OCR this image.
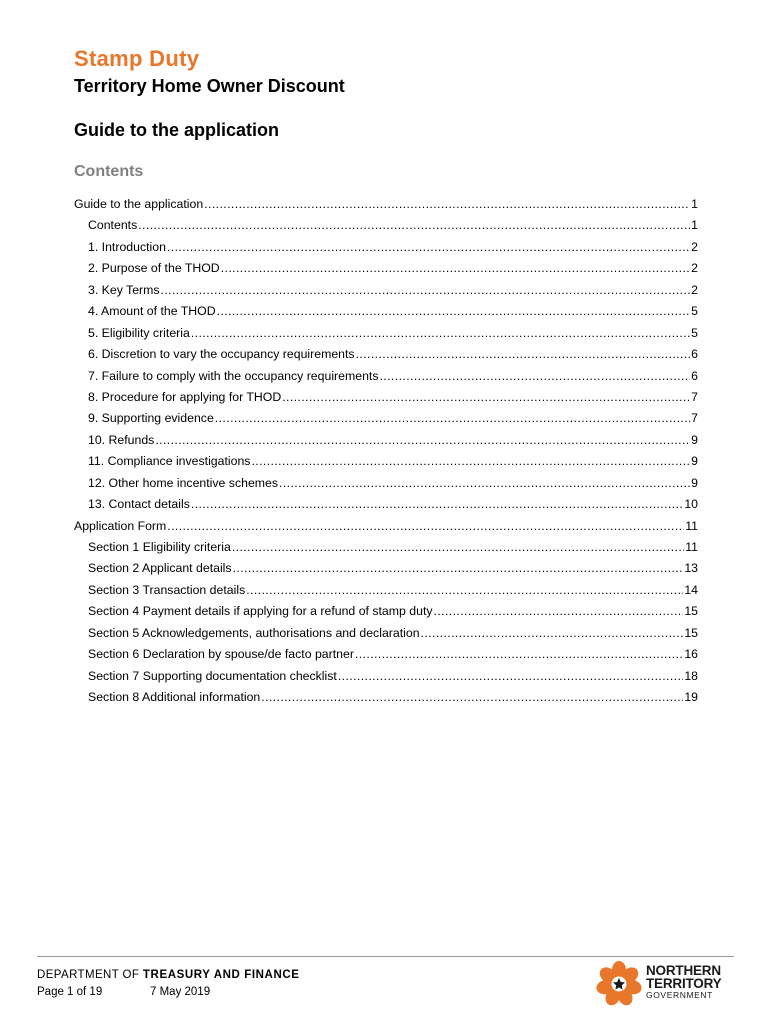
Stamp Duty
Territory Home Owner Discount
Guide to the application
Contents
Guide to the application .....	1
Contents .....	1
1. Introduction .....	2
2. Purpose of the THOD .....	2
3. Key Terms .....	2
4. Amount of the THOD .....	5
5. Eligibility criteria .....	5
6. Discretion to vary the occupancy requirements .....	6
7. Failure to comply with the occupancy requirements .....	6
8. Procedure for applying for THOD .....	7
9. Supporting evidence .....	7
10. Refunds .....	9
11. Compliance investigations .....	9
12. Other home incentive schemes .....	9
13. Contact details .....	10
Application Form .....	11
Section 1 Eligibility criteria .....	11
Section 2 Applicant details .....	13
Section 3 Transaction details .....	14
Section 4 Payment details if applying for a refund of stamp duty .....	15
Section 5 Acknowledgements, authorisations and declaration .....	15
Section 6 Declaration by spouse/de facto partner .....	16
Section 7 Supporting documentation checklist .....	18
Section 8 Additional information .....	19
DEPARTMENT OF TREASURY AND FINANCE
Page 1 of 19	7 May 2019
NORTHERN
TERRITORY
GOVERNMENT
